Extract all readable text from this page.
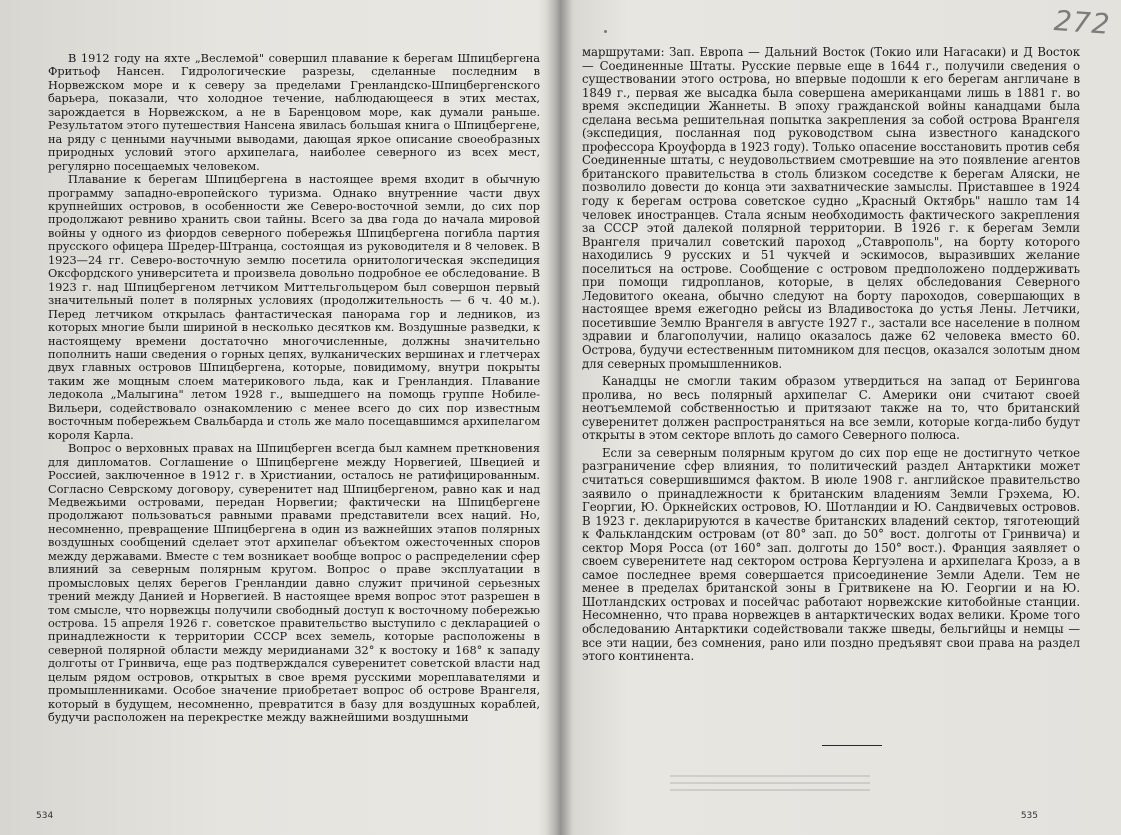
В 1912 году на яхте „Веслемой" совершил плавание к берегам Шпицбергена Фритьоф Нансен. Гидрологические разрезы, сделанные последним в Норвежском море и к северу за пределами Гренландско-Шпицбергенского барьера, показали, что холодное течение, наблюдающееся в этих местах, зарождается в Норвежском, а не в Баренцовом море, как думали раньше. Результатом этого путешествия Нансена явилась большая книга о Шпицбергене, на ряду с ценными научными выводами, дающая яркое описание своеобразных природных условий этого архипелага, наиболее северного из всех мест, регулярно посещаемых человеком.

Плавание к берегам Шпицбергена в настоящее время входит в обычную программу западно-европейского туризма. Однако внутренние части двух крупнейших островов, в особенности же Северо-восточной земли, до сих пор продолжают ревниво хранить свои тайны. Всего за два года до начала мировой войны у одного из фиордов северного побережья Шпицбергена погибла партия прусского офицера Шредер-Штранца, состоящая из руководителя и 8 человек. В 1923—24 гг. Северо-восточную землю посетила орнитологическая экспедиция Оксфордского университета и произвела довольно подробное ее обследование. В 1923 г. над Шпицбергеном летчиком Миттельгольцером был совершон первый значительный полет в полярных условиях (продолжительность — 6 ч. 40 м.). Перед летчиком открылась фантастическая панорама гор и ледников, из которых многие были шириной в несколько десятков км. Воздушные разведки, к настоящему времени достаточно многочисленные, должны значительно пополнить наши сведения о горных цепях, вулканических вершинах и глетчерах двух главных островов Шпицбергена, которые, повидимому, внутри покрыты таким же мощным слоем материкового льда, как и Гренландия. Плавание ледокола „Малыгина" летом 1928 г., вышедшего на помощь группе Нобиле-Вильери, содействовало ознакомлению с менее всего до сих пор известным восточным побережьем Свальбарда и столь же мало посещавшимся архипелагом короля Карла.

Вопрос о верховных правах на Шпицберген всегда был камнем преткновения для дипломатов. Соглашение о Шпицбергене между Норвегией, Швецией и Россией, заключенное в 1912 г. в Христиании, осталось не ратифицированным. Согласно Севрскому договору, суверенитет над Шпицбергеном, равно как и над Медвежьими островами, передан Норвегии; фактически на Шпицбергене продолжают пользоваться равными правами представители всех наций. Но, несомненно, превращение Шпицбергена в один из важнейших этапов полярных воздушных сообщений сделает этот архипелаг объектом ожесточенных споров между державами. Вместе с тем возникает вообще вопрос о распределении сфер влияний за северным полярным кругом. Вопрос о праве эксплуатации в промысловых целях берегов Гренландии давно служит причиной серьезных трений между Данией и Норвегией. В настоящее время вопрос этот разрешен в том смысле, что норвежцы получили свободный доступ к восточному побережью острова. 15 апреля 1926 г. советское правительство выступило с декларацией о принадлежности к территории СССР всех земель, которые расположены в северной полярной области между меридианами 32° к востоку и 168° к западу долготы от Гринвича, еще раз подтверждался суверенитет советской власти над целым рядом островов, открытых в свое время русскими мореплавателями и промышленниками. Особое значение приобретает вопрос об острове Врангеля, который в будущем, несомненно, превратится в базу для воздушных кораблей, будучи расположен на перекрестке между важнейшими воздушными

534
272

маршрутами: Зап. Европа — Дальний Восток (Токио или Нагасаки) и Д Восток — Соединенные Штаты. Русские первые еще в 1644 г., получили сведения о существовании этого острова, но впервые подошли к его берегам англичане в 1849 г., первая же высадка была совершена американцами лишь в 1881 г. во время экспедиции Жаннеты. В эпоху гражданской войны канадцами была сделана весьма решительная попытка закрепления за собой острова Врангеля (экспедиция, посланная под руководством сына известного канадского профессора Кроуфорда в 1923 году). Только опасение восстановить против себя Соединенные штаты, с неудовольствием смотревшие на это появление агентов британского правительства в столь близком соседстве к берегам Аляски, не позволило довести до конца эти захватнические замыслы. Приставшее в 1924 году к берегам острова советское судно „Красный Октябрь" нашло там 14 человек иностранцев. Стала ясным необходимость фактического закрепления за СССР этой далекой полярной территории. В 1926 г. к берегам Земли Врангеля причалил советский пароход „Ставрополь", на борту которого находились 9 русских и 51 чукчей и эскимосов, выразивших желание поселиться на острове. Сообщение с островом предположено поддерживать при помощи гидропланов, которые, в целях обследования Северного Ледовитого океана, обычно следуют на борту пароходов, совершающих в настоящее время ежегодно рейсы из Владивостока до устья Лены. Летчики, посетившие Землю Врангеля в августе 1927 г., застали все население в полном здравии и благополучии, налицо оказалось даже 62 человека вместо 60. Острова, будучи естественным питомником для песцов, оказался золотым дном для северных промышленников.

Канадцы не смогли таким образом утвердиться на запад от Берингова пролива, но весь полярный архипелаг С. Америки они считают своей неотъемлемой собственностью и притязают также на то, что британский суверенитет должен распространяться на все земли, которые когда-либо будут открыты в этом секторе вплоть до самого Северного полюса.

Если за северным полярным кругом до сих пор еще не достигнуто четкое разграничение сфер влияния, то политический раздел Антарктики может считаться совершившимся фактом. В июле 1908 г. английское правительство заявило о принадлежности к британским владениям Земли Грэхема, Ю. Георгии, Ю. Оркнейских островов, Ю. Шотландии и Ю. Сандвичевых островов. В 1923 г. декларируются в качестве британских владений сектор, тяготеющий к Фалькландским островам (от 80° зап. до 50° вост. долготы от Гринвича) и сектор Моря Росса (от 160° зап. долготы до 150° вост.). Франция заявляет о своем суверенитете над сектором острова Кергуэлена и архипелага Крозэ, а в самое последнее время совершается присоединение Земли Адели. Тем не менее в пределах британской зоны в Гритвикене на Ю. Георгии и на Ю. Шотландских островах и посейчас работают норвежские китобойные станции. Несомненно, что права норвежцев в антарктических водах велики. Кроме того обследованию Антарктики содействовали также шведы, бельгийцы и немцы — все эти нации, без сомнения, рано или поздно предъявят свои права на раздел этого континента.

535
